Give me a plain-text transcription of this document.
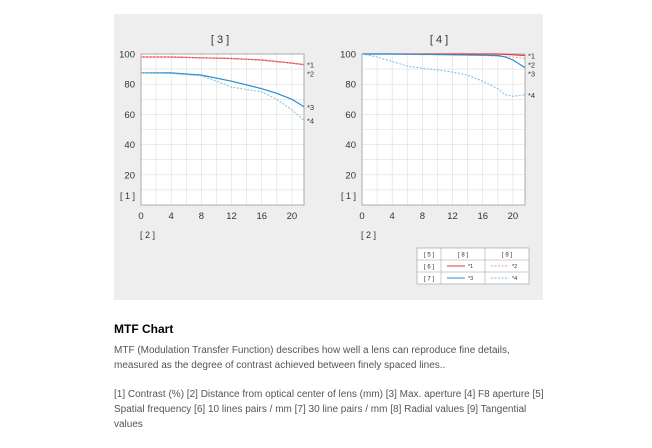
[ 3 ]
100
80
60
40
20
0	4	8 12 16 20
[ 1 ]
[ 2 ]
*1
*2
*3
*4
[ 4 ]
100
80
60
40
20
0	4	8 12 16 20
[ 1 ]
[ 2 ]
*1
*2
*3
*4
[ 5 ]	[ 8 ]	[ 9 ]
[ 6 ]	*1	*2
[ 7 ]	*3	*4
MTF Chart

MTF (Modulation Transfer Function) describes how well a lens can reproduce fine details, measured as the degree of contrast achieved between finely spaced lines..

[1] Contrast (%) [2] Distance from optical center of lens (mm) [3] Max. aperture [4] F8 aperture [5] Spatial frequency [6] 10 lines pairs / mm [7] 30 line pairs / mm [8] Radial values [9] Tangential values
